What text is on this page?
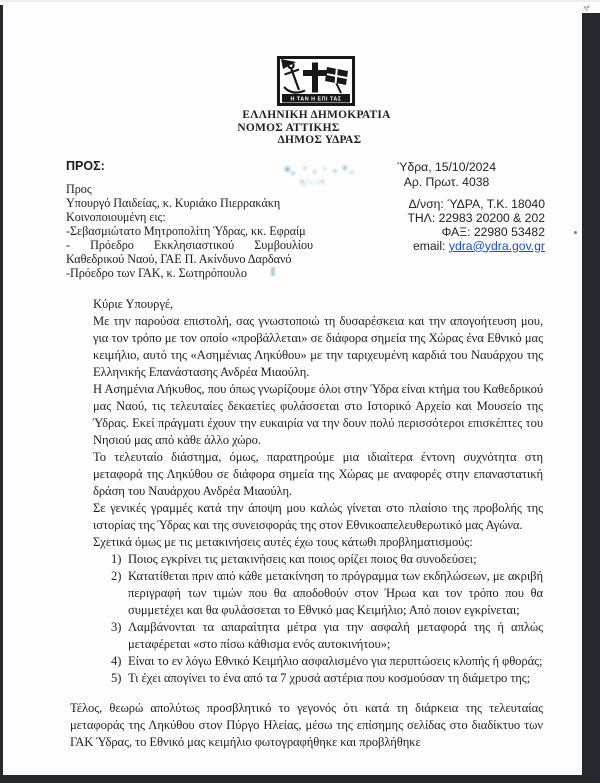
Η ΤΑΝ Η ΕΠΙ ΤΑΣ
ΕΛΛΗΝΙΚΗ ΔΗΜΟΚΡΑΤΙΑ
ΝΟΜΟΣ ΑΤΤΙΚΗΣ
ΔΗΜΟΣ ΥΔΡΑΣ
Ύδρα, 15/10/2024
Αρ. Πρωτ. 4038
Δ/νση: ΎΔΡΑ, Τ.Κ. 18040
ΤΗΛ: 22983 20200 & 202
ΦΑΞ: 22980 53482
email: ydra@ydra.gov.gr
ΠΡΟΣ:
Προς
Υπουργό Παιδείας, κ. Κυριάκο Πιερρακάκη
Κοινοποιουμένη εις:
-Σεβασμιώτατο Μητροπολίτη Ύδρας, κκ. Εφραίμ
- Πρόεδρο Εκκλησιαστικού Συμβουλίου Καθεδρικού Ναού, ΓΑΕ Π. Ακίνδυνο Δαρδανό
-Πρόεδρο των ΓΑΚ, κ. Σωτηρόπουλο

Κύριε Υπουργέ,

Με την παρούσα επιστολή, σας γνωστοποιώ τη δυσαρέσκεια και την απογοήτευση μου, για τον τρόπο με τον οποίο «προβάλλεται» σε διάφορα σημεία της Χώρας ένα Εθνικό μας κειμήλιο, αυτό της «Ασημένιας Ληκύθου» με την ταριχευμένη καρδιά του Ναυάρχου της Ελληνικής Επανάστασης Ανδρέα Μιαούλη.

Η Ασημένια Λήκυθος, που όπως γνωρίζουμε όλοι στην Ύδρα είναι κτήμα του Καθεδρικού μας Ναού, τις τελευταίες δεκαετίες φυλάσσεται στο Ιστορικό Αρχείο και Μουσείο της Ύδρας. Εκεί πράγματι έχουν την ευκαιρία να την δουν πολύ περισσότεροι επισκέπτες του Νησιού μας από κάθε άλλο χώρο.

Το τελευταίο διάστημα, όμως, παρατηρούμε μια ιδιαίτερα έντονη συχνότητα στη μεταφορά της Ληκύθου σε διάφορα σημεία της Χώρας με αναφορές στην επαναστατική δράση του Ναυάρχου Ανδρέα Μιαούλη.

Σε γενικές γραμμές κατά την άποψη μου καλώς γίνεται στο πλαίσιο της προβολής της ιστορίας της Ύδρας και της συνεισφοράς της στον Εθνικοαπελευθερωτικό μας Αγώνα.

Σχετικά όμως με τις μετακινήσεις αυτές έχω τους κάτωθι προβληματισμούς:

1) Ποιος εγκρίνει τις μετακινήσεις και ποιος ορίζει ποιος θα συνοδεύσει;
2) Κατατίθεται πριν από κάθε μετακίνηση το πρόγραμμα των εκδηλώσεων, με ακριβή περιγραφή των τιμών που θα αποδοθούν στον Ήρωα και τον τρόπο που θα συμμετέχει και θα φυλάσσεται το Εθνικό μας Κειμήλιο; Από ποιον εγκρίνεται;
3) Λαμβάνονται τα απαραίτητα μέτρα για την ασφαλή μεταφορά της ή απλώς μεταφέρεται «στο πίσω κάθισμα ενός αυτοκινήτου»;
4) Είναι το εν λόγω Εθνικό Κειμήλιο ασφαλισμένο για περιπτώσεις κλοπής ή φθοράς;
5) Τι έχει απογίνει το ένα από τα 7 χρυσά αστέρια που κοσμούσαν τη διάμετρο της;

Τέλος, θεωρώ απολύτως προσβλητικό το γεγονός ότι κατά τη διάρκεια της τελευταίας μεταφοράς της Ληκύθου στον Πύργο Ηλείας, μέσω της επίσημης σελίδας στο διαδίκτυο των ΓΑΚ Ύδρας, το Εθνικό μας κειμήλιο φωτογραφήθηκε και προβλήθηκε
